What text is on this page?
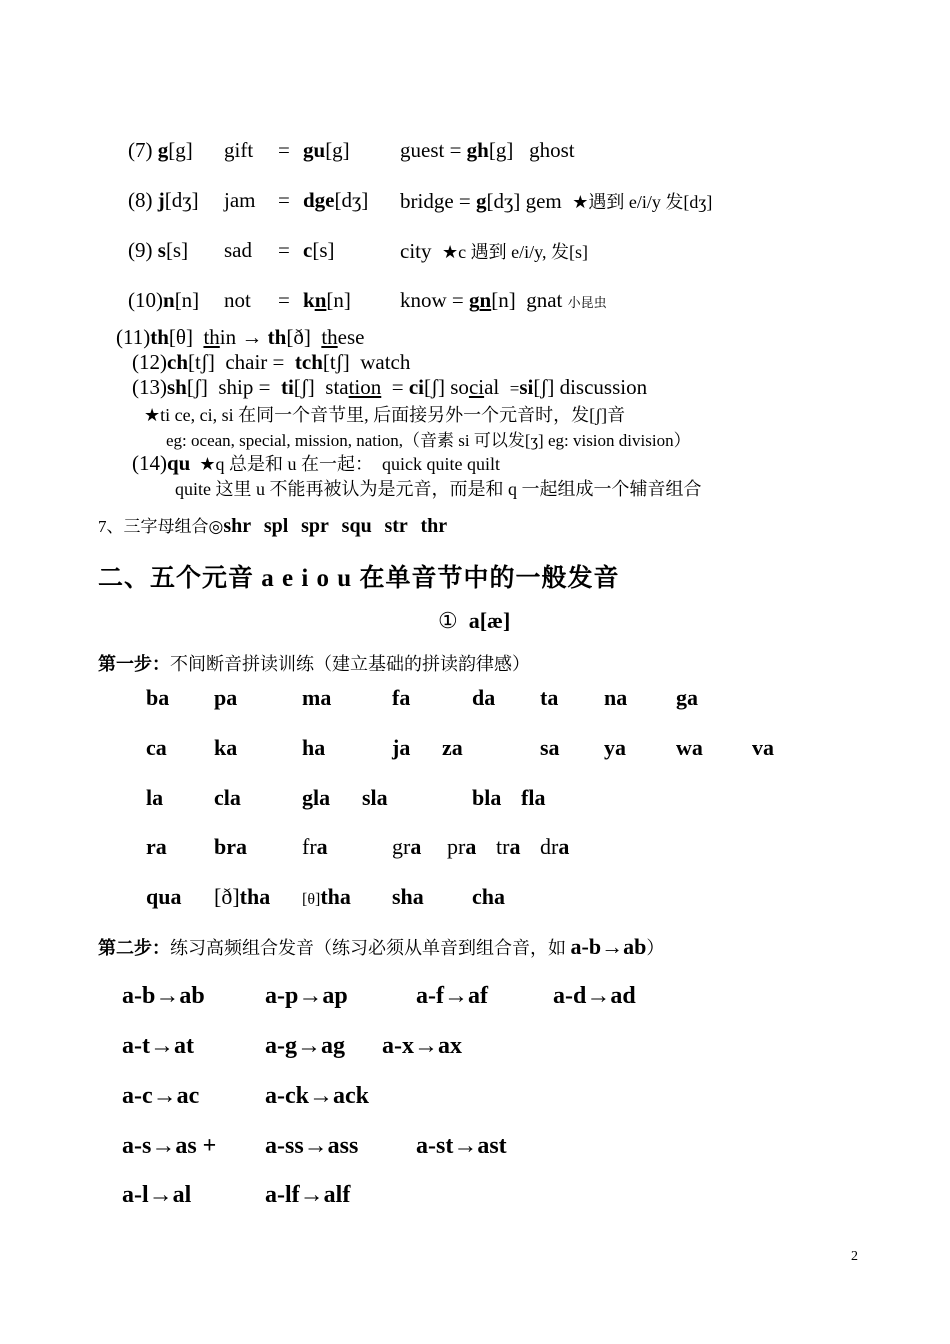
(7) g[g] gift = gu[g] guest = gh[g] ghost
(8) j[dʒ] jam = dge[dʒ] bridge = g[dʒ] gem ★遇到 e/i/y 发[dʒ]
(9) s[s] sad = c[s]	city ★c 遇到 e/i/y, 发[s]
(10)n[n] not = kn[n] know = gn[n] gnat 小昆虫
(11)th[θ] thin → th[ð] these
(12)ch[tʃ] chair = tch[tʃ] watch
(13)sh[ʃ] ship = ti[ʃ] station = ci[ʃ] social =si[ʃ] discussion
★ti ce, ci, si 在同一个音节里, 后面接另外一个元音时，发[ʃ]音
eg: ocean, special, mission, nation,（音素 si 可以发[ʒ] eg: vision division）
(14)qu ★q 总是和 u 在一起： quick quite quilt
quite 这里 u 不能再被认为是元音，而是和 q 一起组成一个辅音组合
7、三字母组合◎shr spl spr squ str thr
二、五个元音 a e i o u 在单音节中的一般发音
① a[æ]
第一步：不间断音拼读训练（建立基础的拼读韵律感）
ba pa	ma	fa	da ta na ga
ca ka	ha	ja za	sa ya wa va
la cla	gla sla	bla fla
ra bra	fra	gra pra tra dra
qua [ð]tha [θ]tha sha cha
第二步：练习高频组合发音（练习必须从单音到组合音，如 a-b→ab）
a-b→ab	a-p→ap	a-f→af	a-d→ad
a-t→at	a-g→ag a-x→ax
a-c→ac	a-ck→ack
a-s→as + a-ss→ass a-st→ast
a-l→al	a-lf→alf
2
